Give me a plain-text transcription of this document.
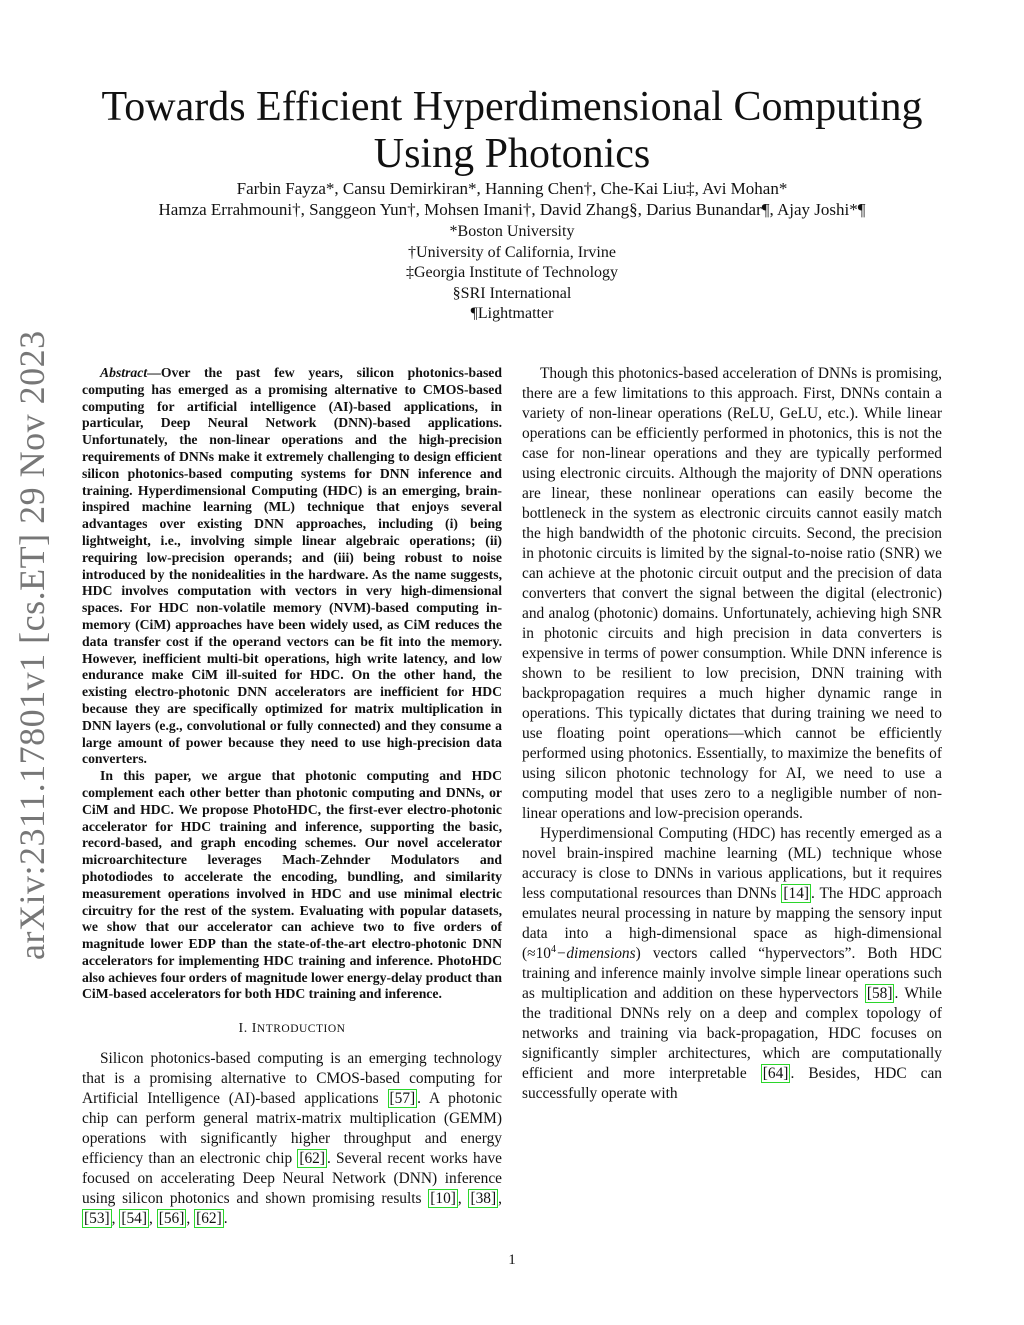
arXiv:2311.17801v1 [cs.ET] 29 Nov 2023
Towards Efficient Hyperdimensional Computing
Using Photonics
Farbin Fayza*, Cansu Demirkiran*, Hanning Chen†, Che-Kai Liu‡, Avi Mohan*
Hamza Errahmouni†, Sanggeon Yun†, Mohsen Imani†, David Zhang§, Darius Bunandar¶, Ajay Joshi*¶
*Boston University
†University of California, Irvine
‡Georgia Institute of Technology
§SRI International
¶Lightmatter

Abstract—Over the past few years, silicon photonics-based computing has emerged as a promising alternative to CMOS-based computing for artificial intelligence (AI)-based applications, in particular, Deep Neural Network (DNN)-based applications. Unfortunately, the non-linear operations and the high-precision requirements of DNNs make it extremely challenging to design efficient silicon photonics-based computing systems for DNN inference and training. Hyperdimensional Computing (HDC) is an emerging, brain-inspired machine learning (ML) technique that enjoys several advantages over existing DNN approaches, including (i) being lightweight, i.e., involving simple linear algebraic operations; (ii) requiring low-precision operands; and (iii) being robust to noise introduced by the nonidealities in the hardware. As the name suggests, HDC involves computation with vectors in very high-dimensional spaces. For HDC non-volatile memory (NVM)-based computing in-memory (CiM) approaches have been widely used, as CiM reduces the data transfer cost if the operand vectors can be fit into the memory. However, inefficient multi-bit operations, high write latency, and low endurance make CiM ill-suited for HDC. On the other hand, the existing electro-photonic DNN accelerators are inefficient for HDC because they are specifically optimized for matrix multiplication in DNN layers (e.g., convolutional or fully connected) and they consume a large amount of power because they need to use high-precision data converters.

In this paper, we argue that photonic computing and HDC complement each other better than photonic computing and DNNs, or CiM and HDC. We propose PhotoHDC, the first-ever electro-photonic accelerator for HDC training and inference, supporting the basic, record-based, and graph encoding schemes. Our novel accelerator microarchitecture leverages Mach-Zehnder Modulators and photodiodes to accelerate the encoding, bundling, and similarity measurement operations involved in HDC and use minimal electric circuitry for the rest of the system. Evaluating with popular datasets, we show that our accelerator can achieve two to five orders of magnitude lower EDP than the state-of-the-art electro-photonic DNN accelerators for implementing HDC training and inference. PhotoHDC also achieves four orders of magnitude lower energy-delay product than CiM-based accelerators for both HDC training and inference.

I. INTRODUCTION

Silicon photonics-based computing is an emerging technology that is a promising alternative to CMOS-based computing for Artificial Intelligence (AI)-based applications [57] . A photonic chip can perform general matrix-matrix multiplication (GEMM) operations with significantly higher throughput and energy efficiency than an electronic chip [62] . Several recent works have focused on accelerating Deep Neural Network (DNN) inference using silicon photonics and shown promising results [10] , [38] , [53] , [54] , [56] , [62] .

Though this photonics-based acceleration of DNNs is promising, there are a few limitations to this approach. First, DNNs contain a variety of non-linear operations (ReLU, GeLU, etc.). While linear operations can be efficiently performed in photonics, this is not the case for non-linear operations and they are typically performed using electronic circuits. Although the majority of DNN operations are linear, these nonlinear operations can easily become the bottleneck in the system as electronic circuits cannot easily match the high bandwidth of the photonic circuits. Second, the precision in photonic circuits is limited by the signal-to-noise ratio (SNR) we can achieve at the photonic circuit output and the precision of data converters that convert the signal between the digital (electronic) and analog (photonic) domains. Unfortunately, achieving high SNR in photonic circuits and high precision in data converters is expensive in terms of power consumption. While DNN inference is shown to be resilient to low precision, DNN training with backpropagation requires a much higher dynamic range in operations. This typically dictates that during training we need to use floating point operations—which cannot be efficiently performed using photonics. Essentially, to maximize the benefits of using silicon photonic technology for AI, we need to use a computing model that uses zero to a negligible number of non-linear operations and low-precision operands.

Hyperdimensional Computing (HDC) has recently emerged as a novel brain-inspired machine learning (ML) technique whose accuracy is close to DNNs in various applications, but it requires less computational resources than DNNs [14] . The HDC approach emulates neural processing in nature by mapping the sensory input data into a high-dimensional space as high-dimensional $(\approx 10^4-dimensions)$ vectors called “hypervectors”. Both HDC training and inference mainly involve simple linear operations such as multiplication and addition on these hypervectors [58] . While the traditional DNNs rely on a deep and complex topology of networks and training via back-propagation, HDC focuses on significantly simpler architectures, which are computationally efficient and more interpretable [64] . Besides, HDC can successfully operate with

1
